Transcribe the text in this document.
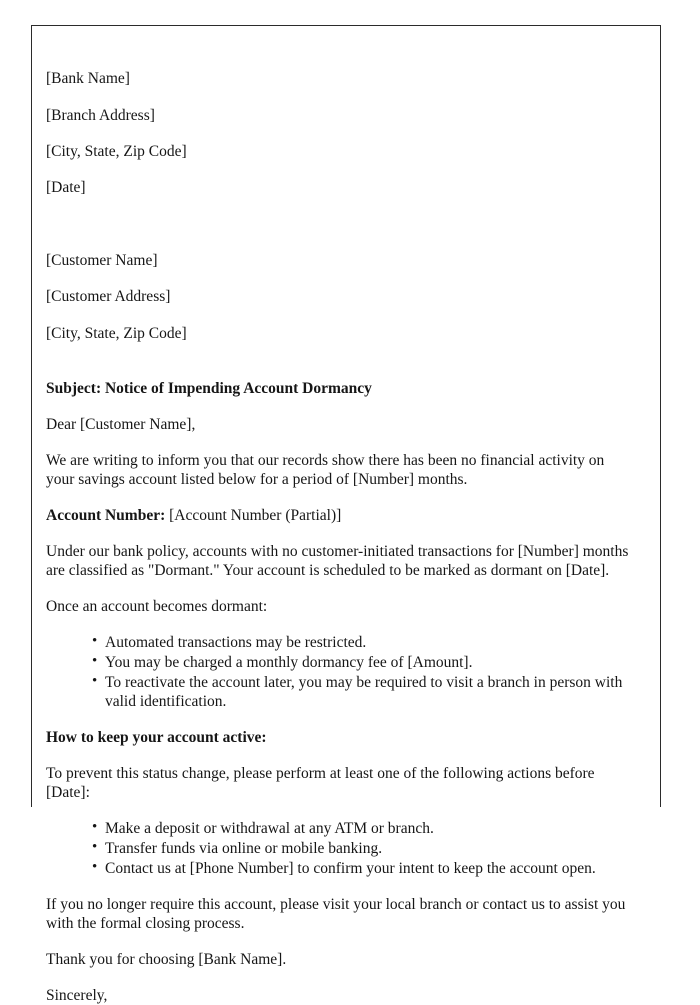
[Bank Name]

[Branch Address]

[City, State, Zip Code]

[Date]

[Customer Name]

[Customer Address]

[City, State, Zip Code]

Subject: Notice of Impending Account Dormancy

Dear [Customer Name],

We are writing to inform you that our records show there has been no financial activity on your savings account listed below for a period of [Number] months.

Account Number: [Account Number (Partial)]

Under our bank policy, accounts with no customer-initiated transactions for [Number] months are classified as "Dormant." Your account is scheduled to be marked as dormant on [Date].

Once an account becomes dormant:

• Automated transactions may be restricted.
• You may be charged a monthly dormancy fee of [Amount].
• To reactivate the account later, you may be required to visit a branch in person with valid identification.

How to keep your account active:

To prevent this status change, please perform at least one of the following actions before [Date]:

• Make a deposit or withdrawal at any ATM or branch.
• Transfer funds via online or mobile banking.
• Contact us at [Phone Number] to confirm your intent to keep the account open.

If you no longer require this account, please visit your local branch or contact us to assist you with the formal closing process.

Thank you for choosing [Bank Name].

Sincerely,
